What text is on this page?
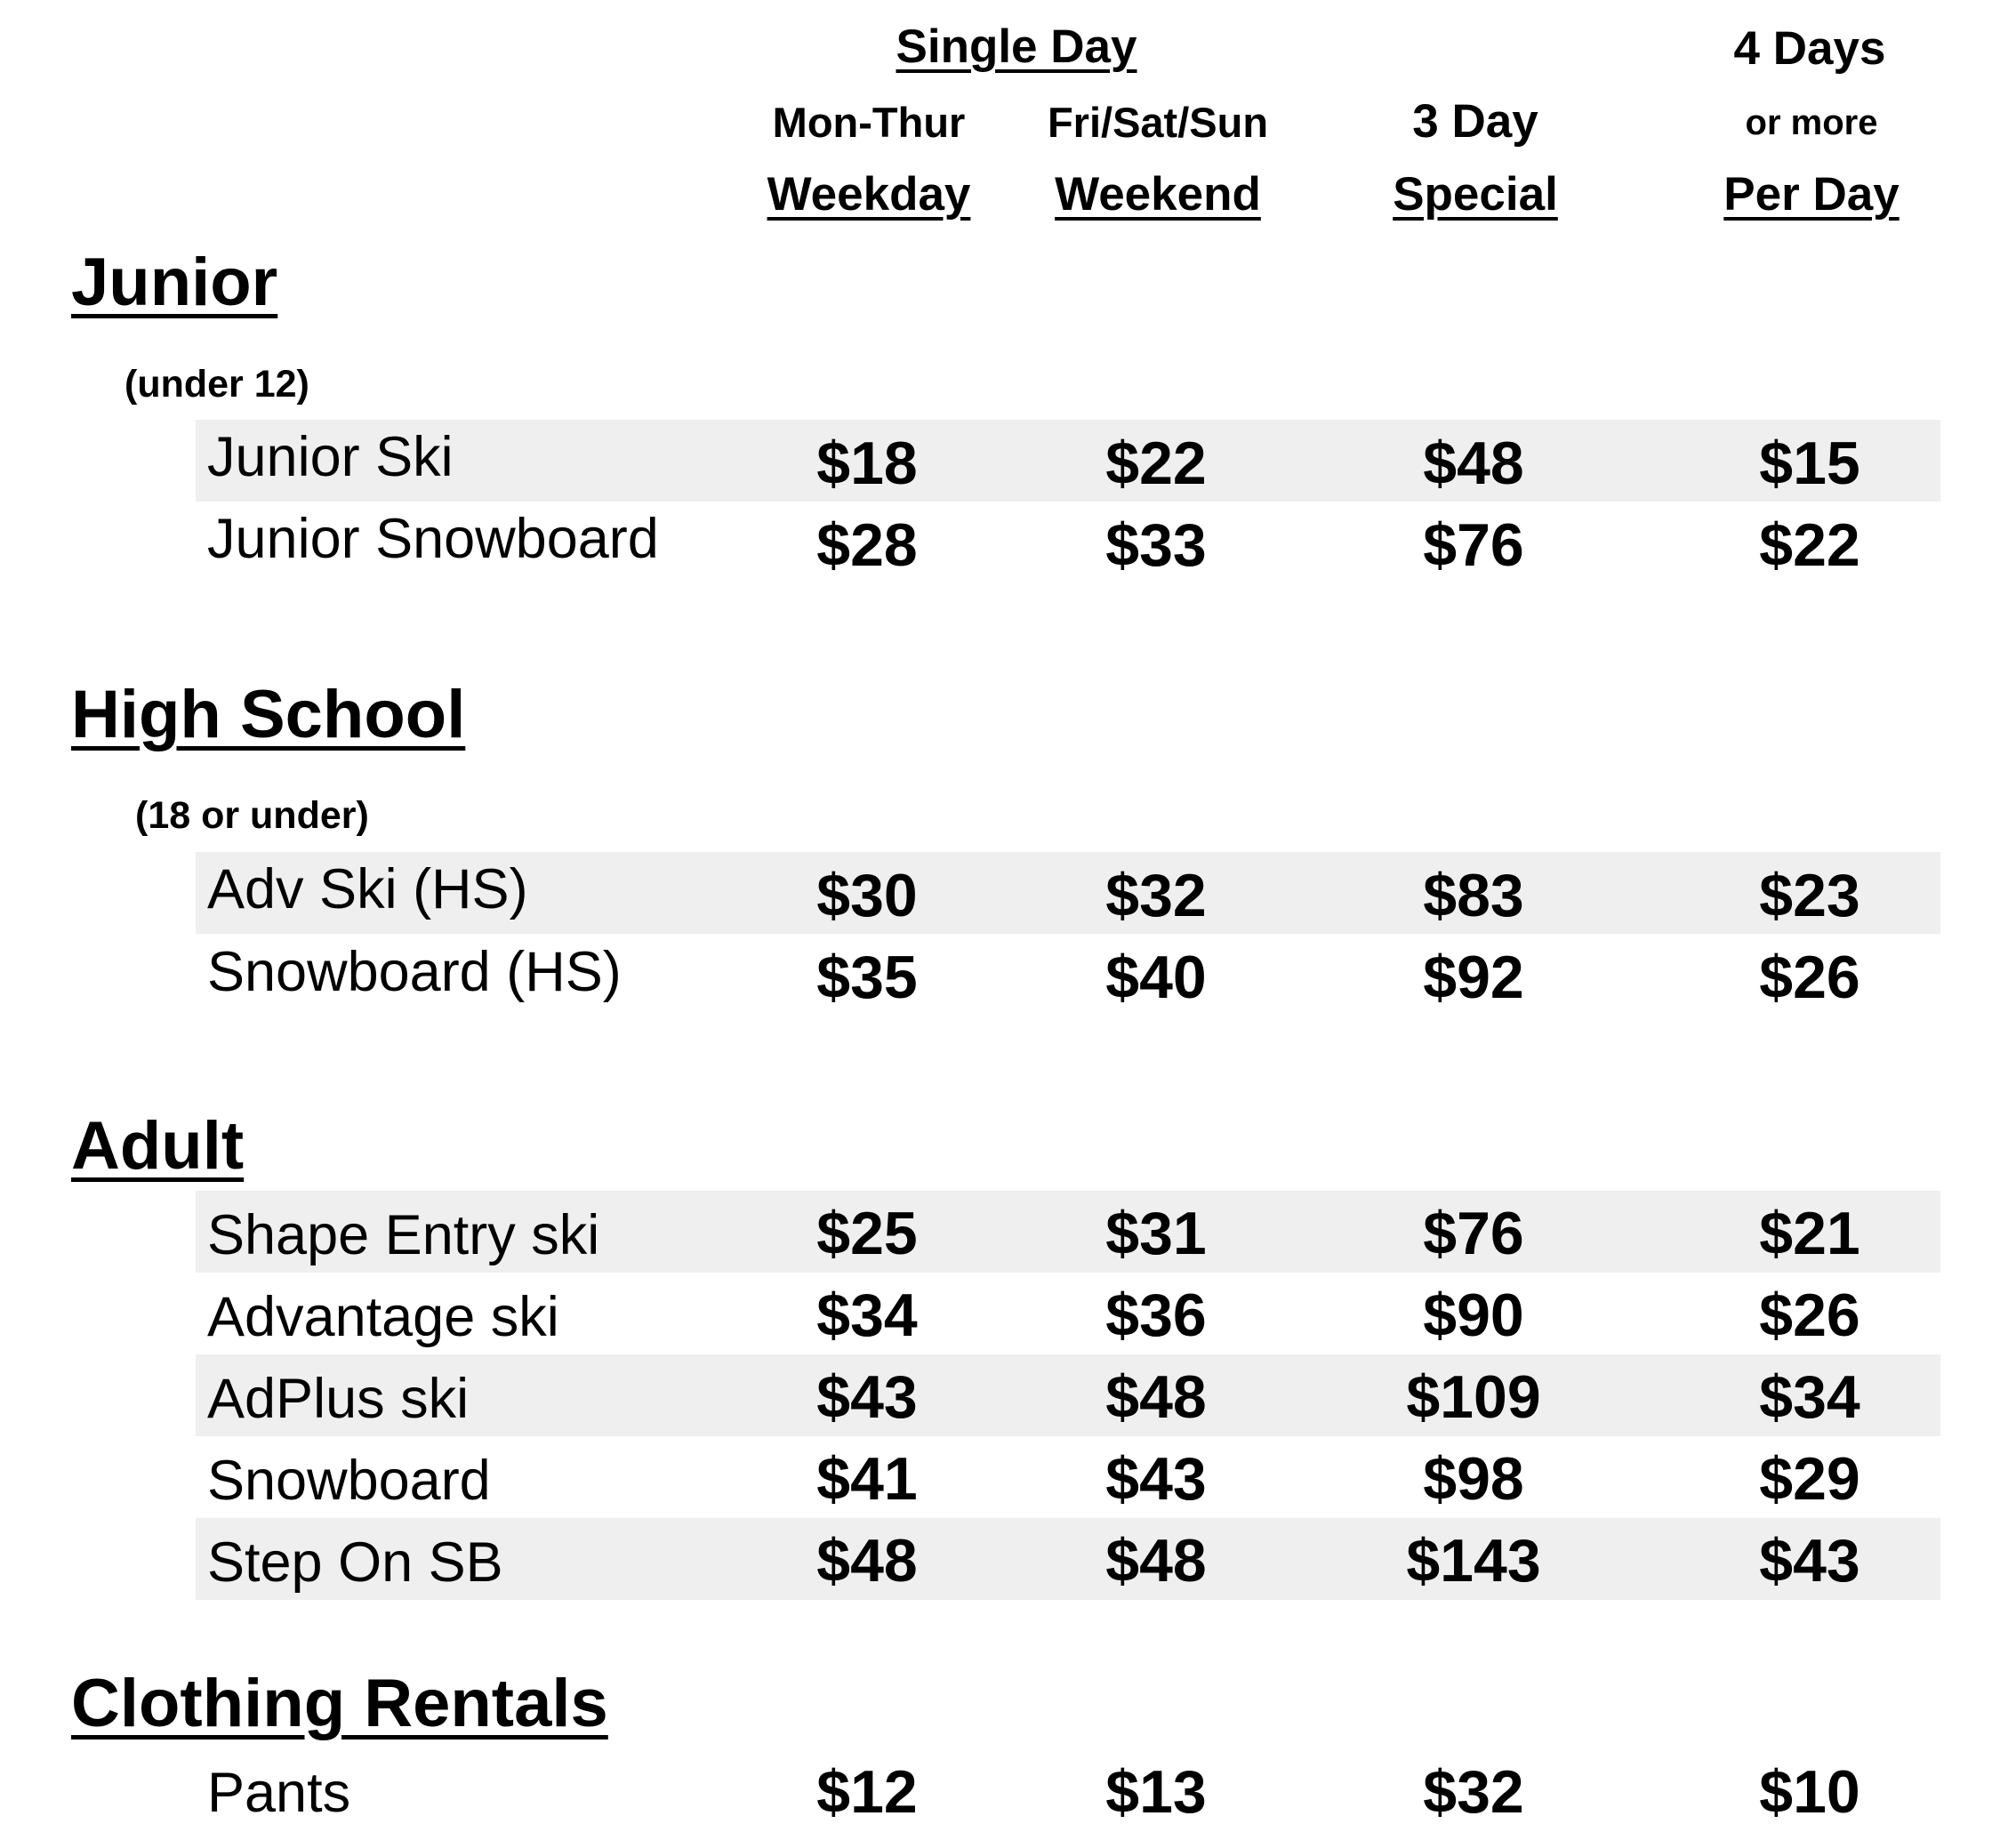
Single Day	4 Days
Mon-Thur Fri/Sat/Sun	3 Day	or more
Weekday Weekend	Special	Per Day
Junior
(under 12)
Junior Ski	$18	$22	$48	$15
Junior Snowboard	$28	$33	$76	$22
High School
(18 or under)
Adv Ski (HS)	$30	$32	$83	$23
Snowboard (HS)	$35	$40	$92	$26
Adult
Shape Entry ski	$25	$31	$76	$21
Advantage ski	$34	$36	$90	$26
AdPlus ski	$43	$48	$109	$34
Snowboard	$41	$43	$98	$29
Step On SB	$48	$48	$143	$43
Clothing Rentals
Pants	$12	$13	$32	$10
